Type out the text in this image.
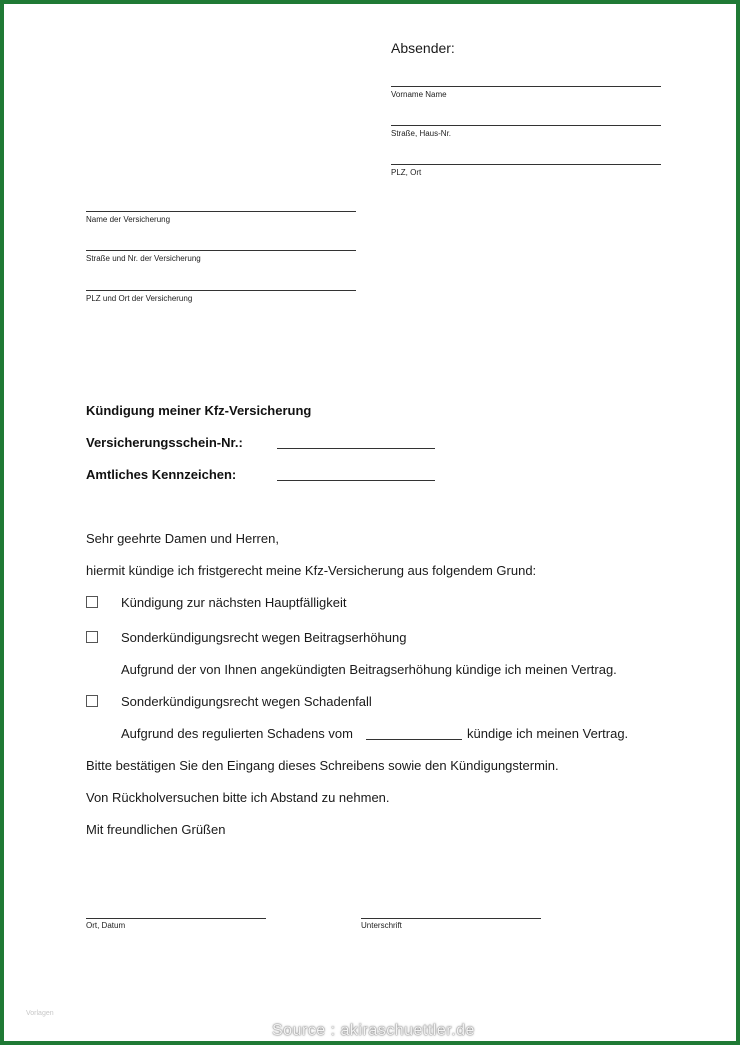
Absender:
Vorname Name
Straße, Haus-Nr.
PLZ, Ort
Name der Versicherung
Straße und Nr. der Versicherung
PLZ und Ort der Versicherung
Kündigung meiner Kfz-Versicherung
Versicherungsschein-Nr.:
Amtliches Kennzeichen:
Sehr geehrte Damen und Herren,
hiermit kündige ich fristgerecht meine Kfz-Versicherung aus folgendem Grund:
Kündigung zur nächsten Hauptfälligkeit
Sonderkündigungsrecht wegen Beitragserhöhung
Aufgrund der von Ihnen angekündigten Beitragserhöhung kündige ich meinen Vertrag.
Sonderkündigungsrecht wegen Schadenfall
Aufgrund des regulierten Schadens vom	kündige ich meinen Vertrag.
Bitte bestätigen Sie den Eingang dieses Schreibens sowie den Kündigungstermin.
Von Rückholversuchen bitte ich Abstand zu nehmen.
Mit freundlichen Grüßen
Ort, Datum	Unterschrift
Vorlagen
Source : akiraschuettler.de
